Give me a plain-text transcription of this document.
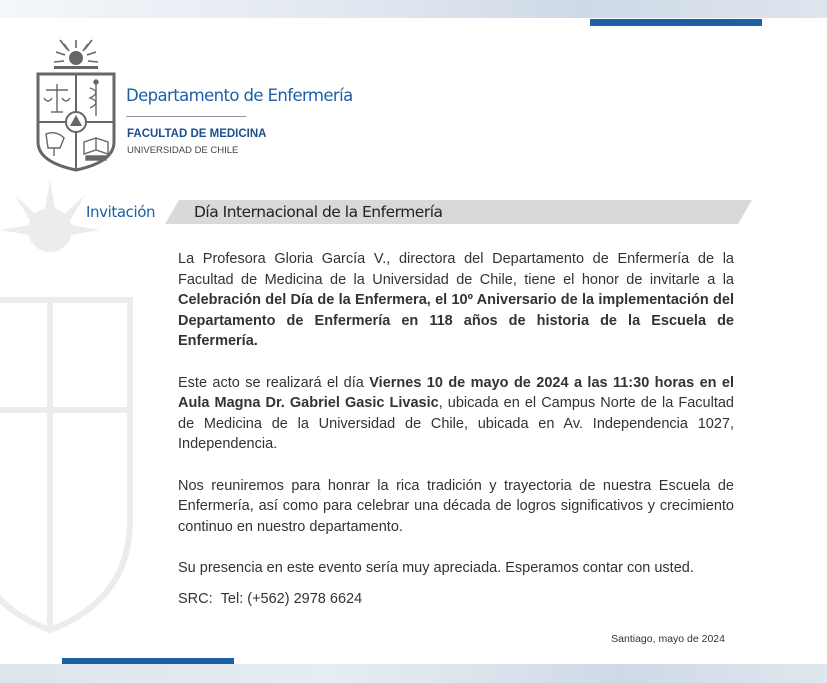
Departamento de Enfermería
FACULTAD DE MEDICINA
UNIVERSIDAD DE CHILE
Invitación	Día Internacional de la Enfermería

La Profesora Gloria García V., directora del Departamento de Enfermería de la Facultad de Medicina de la Universidad de Chile, tiene el honor de invitarle a la Celebración del Día de la Enfermera, el 10º Aniversario de la implementación del Departamento de Enfermería en 118 años de historia de la Escuela de Enfermería.

Este acto se realizará el día Viernes 10 de mayo de 2024 a las 11:30 horas en el Aula Magna Dr. Gabriel Gasic Livasic, ubicada en el Campus Norte de la Facultad de Medicina de la Universidad de Chile, ubicada en Av. Independencia 1027, Independencia.

Nos reuniremos para honrar la rica tradición y trayectoria de nuestra Escuela de Enfermería, así como para celebrar una década de logros significativos y crecimiento continuo en nuestro departamento.

Su presencia en este evento sería muy apreciada. Esperamos contar con usted.

SRC: Tel: (+562) 2978 6624
Santiago, mayo de 2024
